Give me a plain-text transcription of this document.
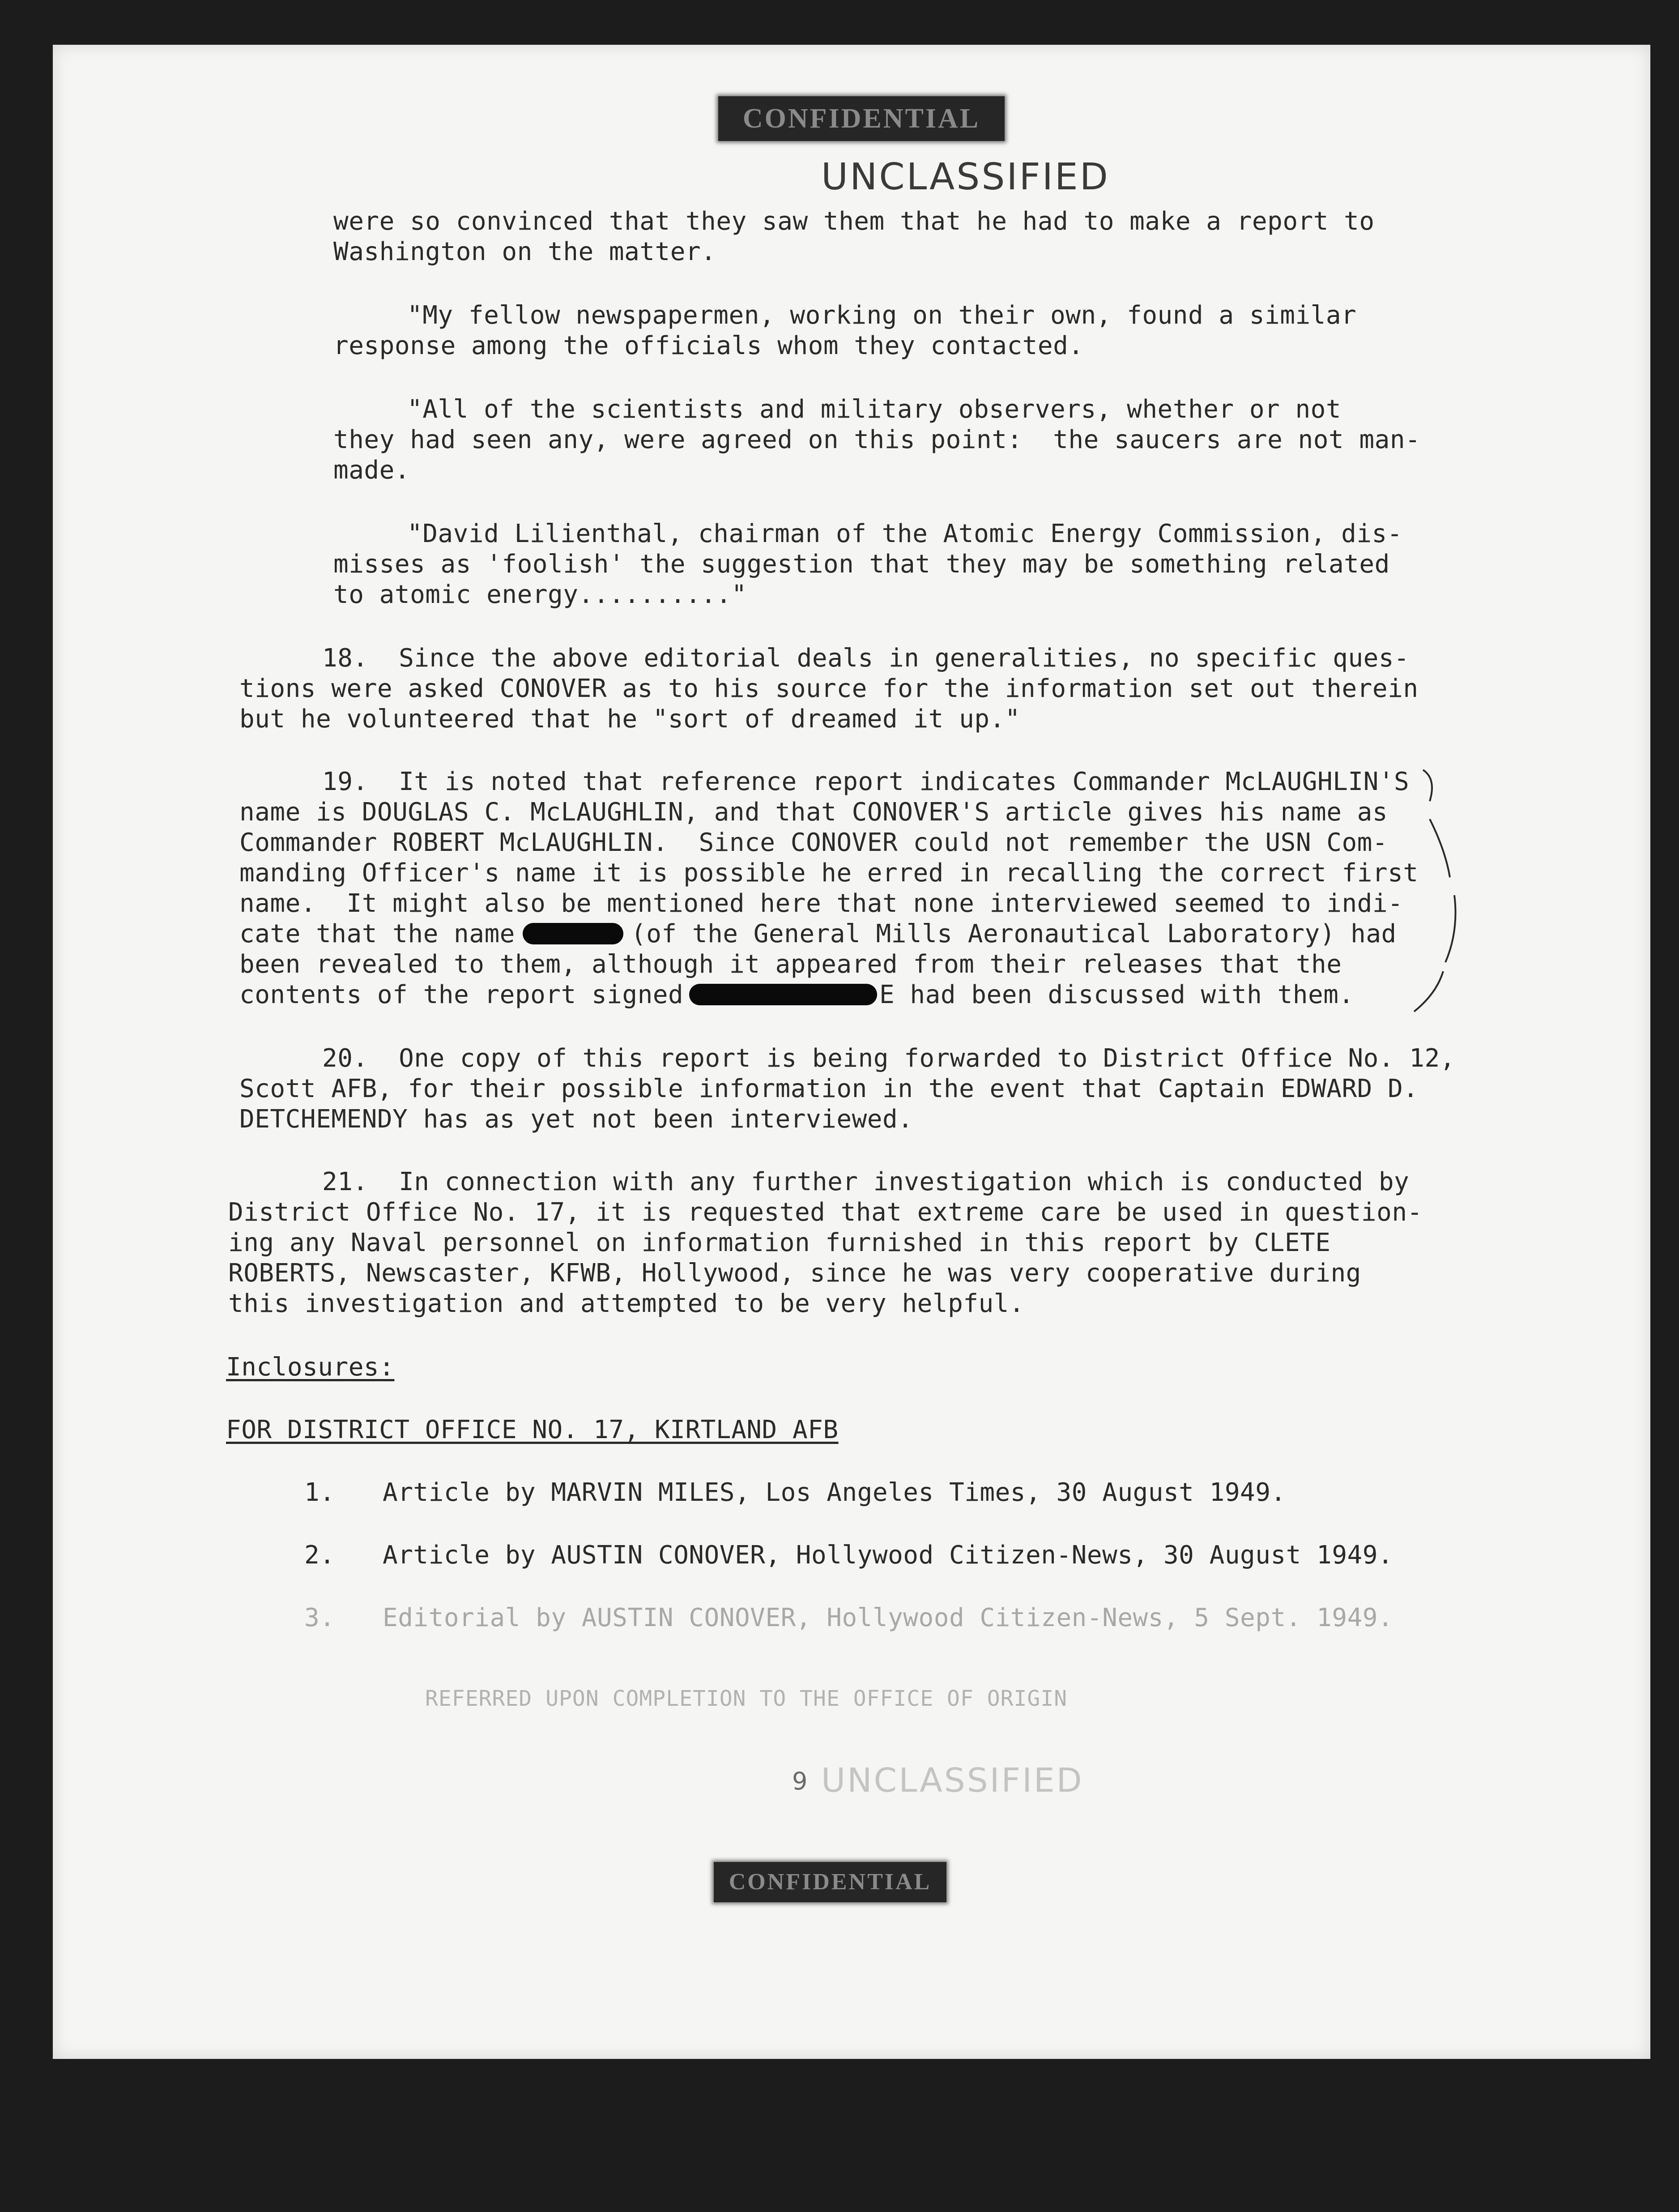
CONFIDENTIAL
UNCLASSIFIED
were so convinced that they saw them that he had to make a report to
Washington on the matter.
"My fellow newspapermen, working on their own, found a similar
response among the officials whom they contacted.
"All of the scientists and military observers, whether or not
they had seen any, were agreed on this point:  the saucers are not man-
made.
"David Lilienthal, chairman of the Atomic Energy Commission, dis-
misses as 'foolish' the suggestion that they may be something related
to atomic energy.........."
18.  Since the above editorial deals in generalities, no specific ques-
tions were asked CONOVER as to his source for the information set out therein
but he volunteered that he "sort of dreamed it up."
19.  It is noted that reference report indicates Commander McLAUGHLIN'S
name is DOUGLAS C. McLAUGHLIN, and that CONOVER'S article gives his name as
Commander ROBERT McLAUGHLIN.  Since CONOVER could not remember the USN Com-
manding Officer's name it is possible he erred in recalling the correct first
name.  It might also be mentioned here that none interviewed seemed to indi-
cate that the name	(of the General Mills Aeronautical Laboratory) had
been revealed to them, although it appeared from their releases that the
contents of the report signed	E had been discussed with them.
20.  One copy of this report is being forwarded to District Office No. 12,
Scott AFB, for their possible information in the event that Captain EDWARD D.
DETCHEMENDY has as yet not been interviewed.
21.  In connection with any further investigation which is conducted by
District Office No. 17, it is requested that extreme care be used in question-
ing any Naval personnel on information furnished in this report by CLETE
ROBERTS, Newscaster, KFWB, Hollywood, since he was very cooperative during
this investigation and attempted to be very helpful.
Inclosures:
FOR DISTRICT OFFICE NO. 17, KIRTLAND AFB
1. Article by MARVIN MILES, Los Angeles Times, 30 August 1949.
2. Article by AUSTIN CONOVER, Hollywood Citizen-News, 30 August 1949.
3. Editorial by AUSTIN CONOVER, Hollywood Citizen-News, 5 Sept. 1949.
REFERRED UPON COMPLETION TO THE OFFICE OF ORIGIN
9 UNCLASSIFIED
CONFIDENTIAL
